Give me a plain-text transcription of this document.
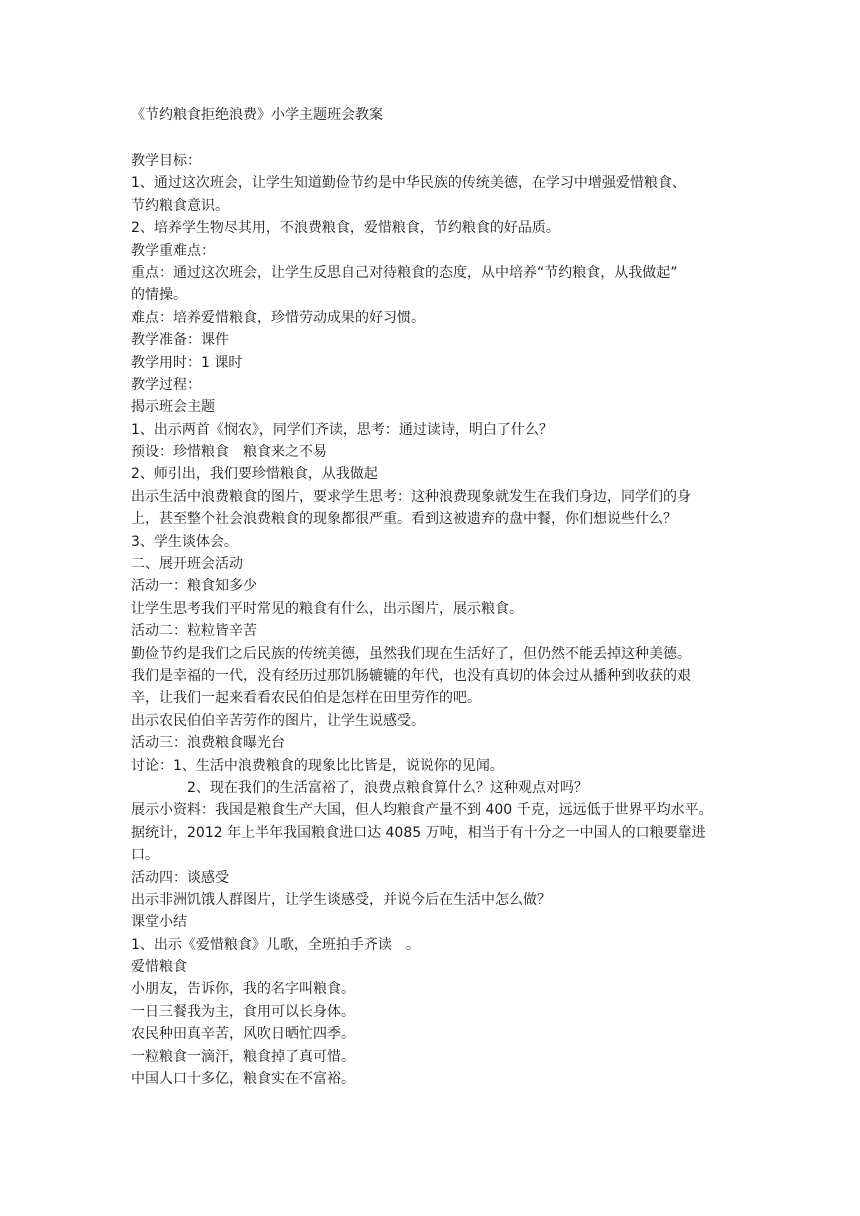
《节约粮食拒绝浪费》小学主题班会教案
教学目标：
1、通过这次班会，让学生知道勤俭节约是中华民族的传统美德，在学习中增强爱惜粮食、
节约粮食意识。
2、培养学生物尽其用，不浪费粮食，爱惜粮食，节约粮食的好品质。
教学重难点：
重点：通过这次班会，让学生反思自己对待粮食的态度，从中培养“节约粮食，从我做起”
的情操。
难点：培养爱惜粮食，珍惜劳动成果的好习惯。
教学准备：课件
教学用时：1 课时
教学过程：
揭示班会主题
1、出示两首《悯农》，同学们齐读，思考：通过读诗，明白了什么？
预设：珍惜粮食　粮食来之不易
2、师引出，我们要珍惜粮食，从我做起
出示生活中浪费粮食的图片，要求学生思考：这种浪费现象就发生在我们身边，同学们的身
上，甚至整个社会浪费粮食的现象都很严重。看到这被遗弃的盘中餐，你们想说些什么？
3、学生谈体会。
二、展开班会活动
活动一：粮食知多少
让学生思考我们平时常见的粮食有什么，出示图片，展示粮食。
活动二：粒粒皆辛苦
勤俭节约是我们之后民族的传统美德，虽然我们现在生活好了，但仍然不能丢掉这种美德。
我们是幸福的一代，没有经历过那饥肠辘辘的年代，也没有真切的体会过从播种到收获的艰
辛，让我们一起来看看农民伯伯是怎样在田里劳作的吧。
出示农民伯伯辛苦劳作的图片，让学生说感受。
活动三：浪费粮食曝光台
讨论：1、生活中浪费粮食的现象比比皆是，说说你的见闻。
2、现在我们的生活富裕了，浪费点粮食算什么？这种观点对吗？
展示小资料：我国是粮食生产大国，但人均粮食产量不到 400 千克，远远低于世界平均水平。
据统计，2012 年上半年我国粮食进口达 4085 万吨，相当于有十分之一中国人的口粮要靠进
口。
活动四：谈感受
出示非洲饥饿人群图片，让学生谈感受，并说今后在生活中怎么做？
课堂小结
1、出示《爱惜粮食》儿歌，全班拍手齐读　。
爱惜粮食
小朋友，告诉你，我的名字叫粮食。
一日三餐我为主，食用可以长身体。
农民种田真辛苦，风吹日晒忙四季。
一粒粮食一滴汗，粮食掉了真可惜。
中国人口十多亿，粮食实在不富裕。
